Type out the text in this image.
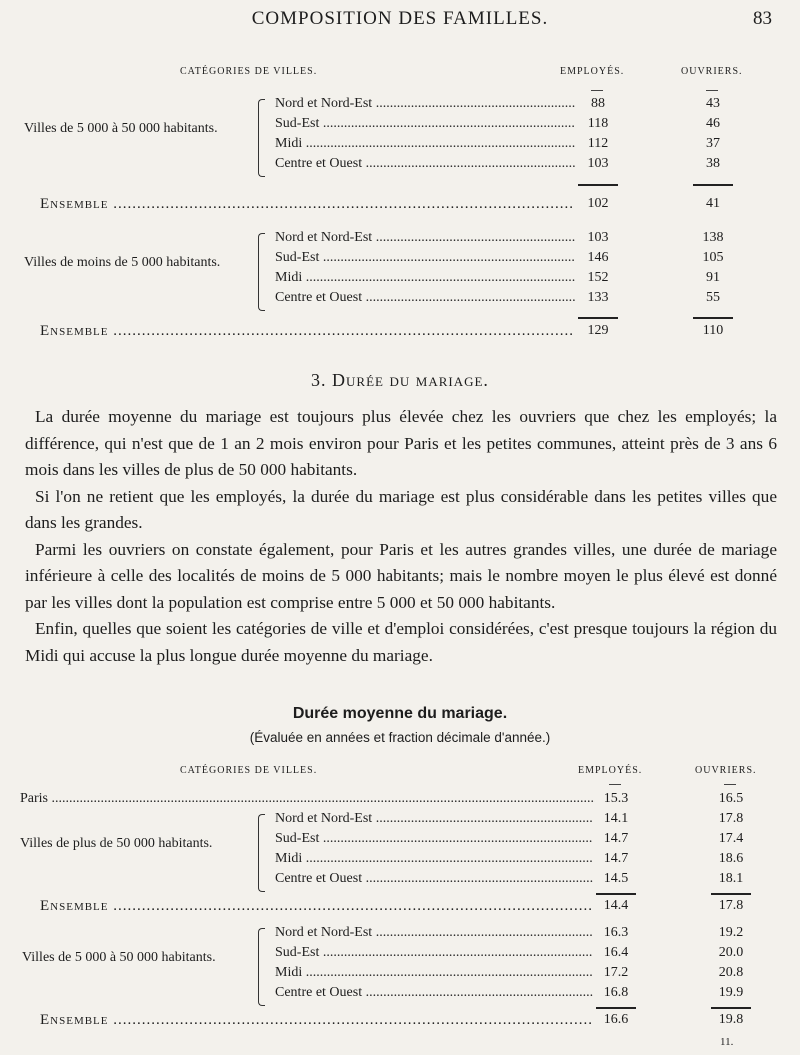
COMPOSITION DES FAMILLES.	83
CATÉGORIES DE VILLES.	EMPLOYÉS.	OUVRIERS.
Villes de 5 000 à 50 000 habitants.
Nord et Nord-Est .....	88	43
Sud-Est .....	118	46
Midi .....	112	37
Centre et Ouest .....	103	38
Ensemble .....	102	41
Villes de moins de 5 000 habitants.
Nord et Nord-Est .....	103	138
Sud-Est .....	146	105
Midi .....	152	91
Centre et Ouest .....	133	55
Ensemble .....	129	110
3. Durée du mariage.

La durée moyenne du mariage est toujours plus élevée chez les ouvriers que chez les employés; la différence, qui n'est que de 1 an 2 mois environ pour Paris et les petites communes, atteint près de 3 ans 6 mois dans les villes de plus de 50 000 habitants.

Si l'on ne retient que les employés, la durée du mariage est plus considérable dans les petites villes que dans les grandes.

Parmi les ouvriers on constate également, pour Paris et les autres grandes villes, une durée de mariage inférieure à celle des localités de moins de 5 000 habitants; mais le nombre moyen le plus élevé est donné par les villes dont la population est comprise entre 5 000 et 50 000 habitants.

Enfin, quelles que soient les catégories de ville et d'emploi considérées, c'est presque toujours la région du Midi qui accuse la plus longue durée moyenne du mariage.

Durée moyenne du mariage.
(Évaluée en années et fraction décimale d'année.)
CATÉGORIES DE VILLES.	EMPLOYÉS.	OUVRIERS.
Paris .....	15.3	16.5
Villes de plus de 50 000 habitants.
Nord et Nord-Est .....	14.1	17.8
Sud-Est .....	14.7	17.4
Midi .....	14.7	18.6
Centre et Ouest .....	14.5	18.1
Ensemble .....	14.4	17.8
Villes de 5 000 à 50 000 habitants.
Nord et Nord-Est .....	16.3	19.2
Sud-Est .....	16.4	20.0
Midi .....	17.2	20.8
Centre et Ouest .....	16.8	19.9
Ensemble .....	16.6	19.8
11.
